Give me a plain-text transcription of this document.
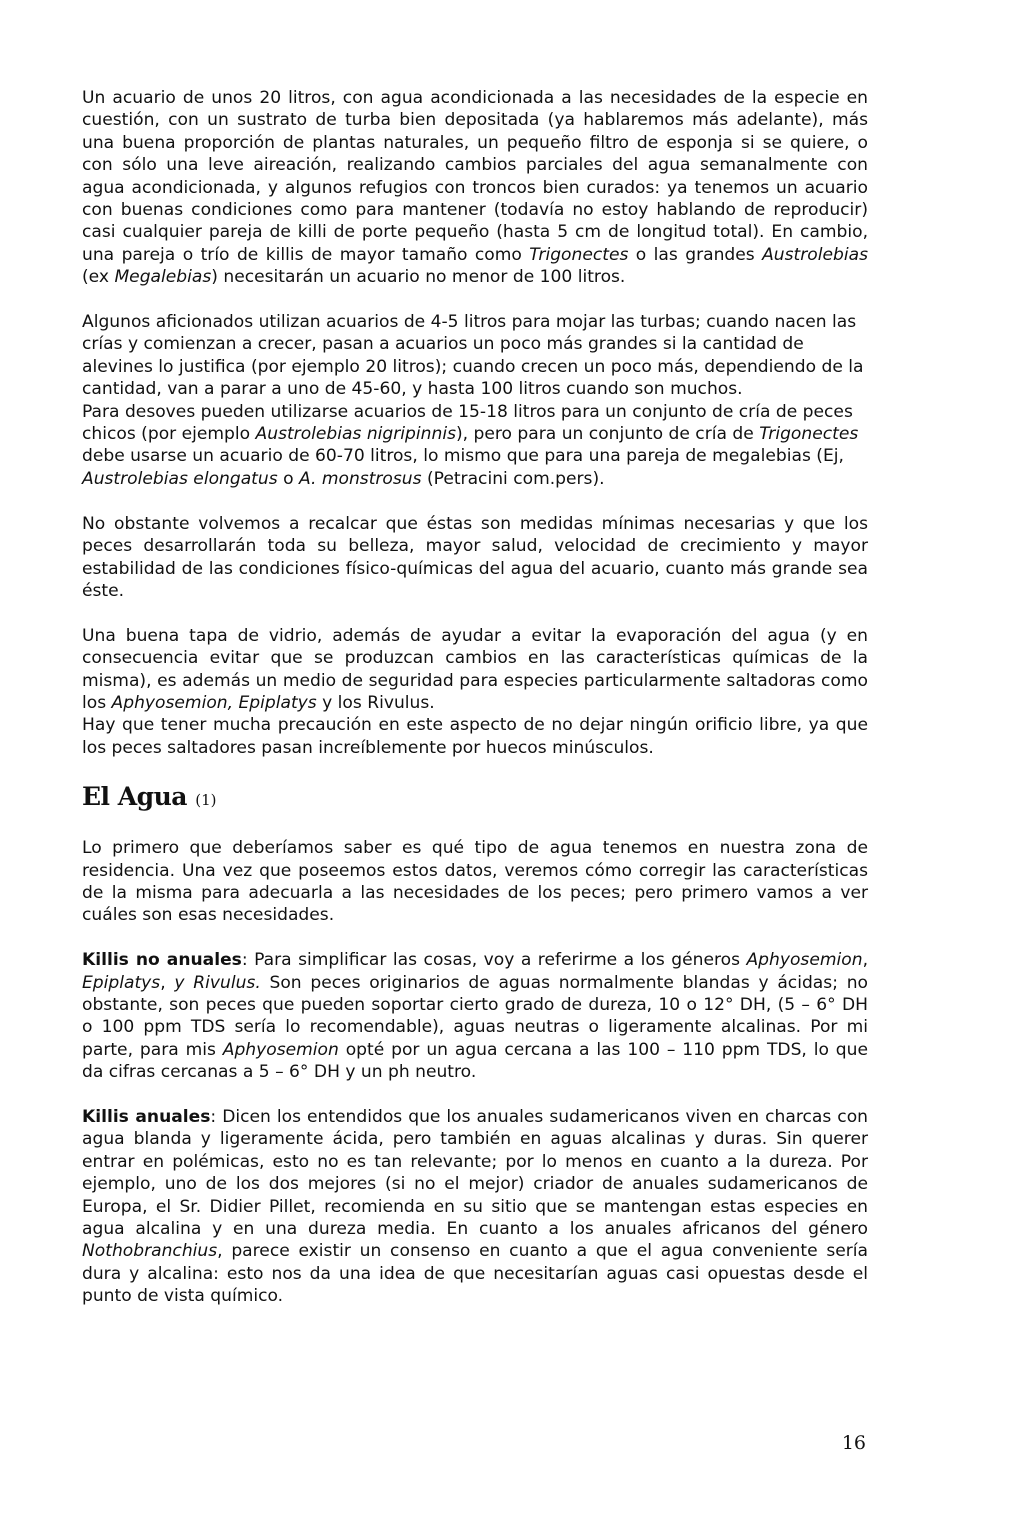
Un acuario de unos 20 litros, con agua acondicionada a las necesidades de la especie en cuestión, con un sustrato de turba bien depositada (ya hablaremos más adelante), más una buena proporción de plantas naturales, un pequeño filtro de esponja si se quiere, o con sólo una leve aireación, realizando cambios parciales del agua semanalmente con agua acondicionada, y algunos refugios con troncos bien curados: ya tenemos un acuario con buenas condiciones como para mantener (todavía no estoy hablando de reproducir) casi cualquier pareja de killi de porte pequeño (hasta 5 cm de longitud total). En cambio, una pareja o trío de killis de mayor tamaño como Trigonectes o las grandes Austrolebias (ex Megalebias) necesitarán un acuario no menor de 100 litros.

Algunos aficionados utilizan acuarios de 4-5 litros para mojar las turbas; cuando nacen las crías y comienzan a crecer, pasan a acuarios un poco más grandes si la cantidad de alevines lo justifica (por ejemplo 20 litros); cuando crecen un poco más, dependiendo de la cantidad, van a parar a uno de 45-60, y hasta 100 litros cuando son muchos.

Para desoves pueden utilizarse acuarios de 15-18 litros para un conjunto de cría de peces chicos (por ejemplo Austrolebias nigripinnis), pero para un conjunto de cría de Trigonectes debe usarse un acuario de 60-70 litros, lo mismo que para una pareja de megalebias (Ej, Austrolebias elongatus o A. monstrosus (Petracini com.pers).

No obstante volvemos a recalcar que éstas son medidas mínimas necesarias y que los peces desarrollarán toda su belleza, mayor salud, velocidad de crecimiento y mayor estabilidad de las condiciones físico-químicas del agua del acuario, cuanto más grande sea éste.

Una buena tapa de vidrio, además de ayudar a evitar la evaporación del agua (y en consecuencia evitar que se produzcan cambios en las características químicas de la misma), es además un medio de seguridad para especies particularmente saltadoras como los Aphyosemion, Epiplatys y los Rivulus.

Hay que tener mucha precaución en este aspecto de no dejar ningún orificio libre, ya que los peces saltadores pasan increíblemente por huecos minúsculos.

El Agua (1)

Lo primero que deberíamos saber es qué tipo de agua tenemos en nuestra zona de residencia. Una vez que poseemos estos datos, veremos cómo corregir las características de la misma para adecuarla a las necesidades de los peces; pero primero vamos a ver cuáles son esas necesidades.

Killis no anuales: Para simplificar las cosas, voy a referirme a los géneros Aphyosemion, Epiplatys, y Rivulus. Son peces originarios de aguas normalmente blandas y ácidas; no obstante, son peces que pueden soportar cierto grado de dureza, 10 o 12° DH, (5 – 6° DH o 100 ppm TDS sería lo recomendable), aguas neutras o ligeramente alcalinas. Por mi parte, para mis Aphyosemion opté por un agua cercana a las 100 – 110 ppm TDS, lo que da cifras cercanas a 5 – 6° DH y un ph neutro.

Killis anuales: Dicen los entendidos que los anuales sudamericanos viven en charcas con agua blanda y ligeramente ácida, pero también en aguas alcalinas y duras. Sin querer entrar en polémicas, esto no es tan relevante; por lo menos en cuanto a la dureza. Por ejemplo, uno de los dos mejores (si no el mejor) criador de anuales sudamericanos de Europa, el Sr. Didier Pillet, recomienda en su sitio que se mantengan estas especies en agua alcalina y en una dureza media. En cuanto a los anuales africanos del género Nothobranchius, parece existir un consenso en cuanto a que el agua conveniente sería dura y alcalina: esto nos da una idea de que necesitarían aguas casi opuestas desde el punto de vista químico.

16
